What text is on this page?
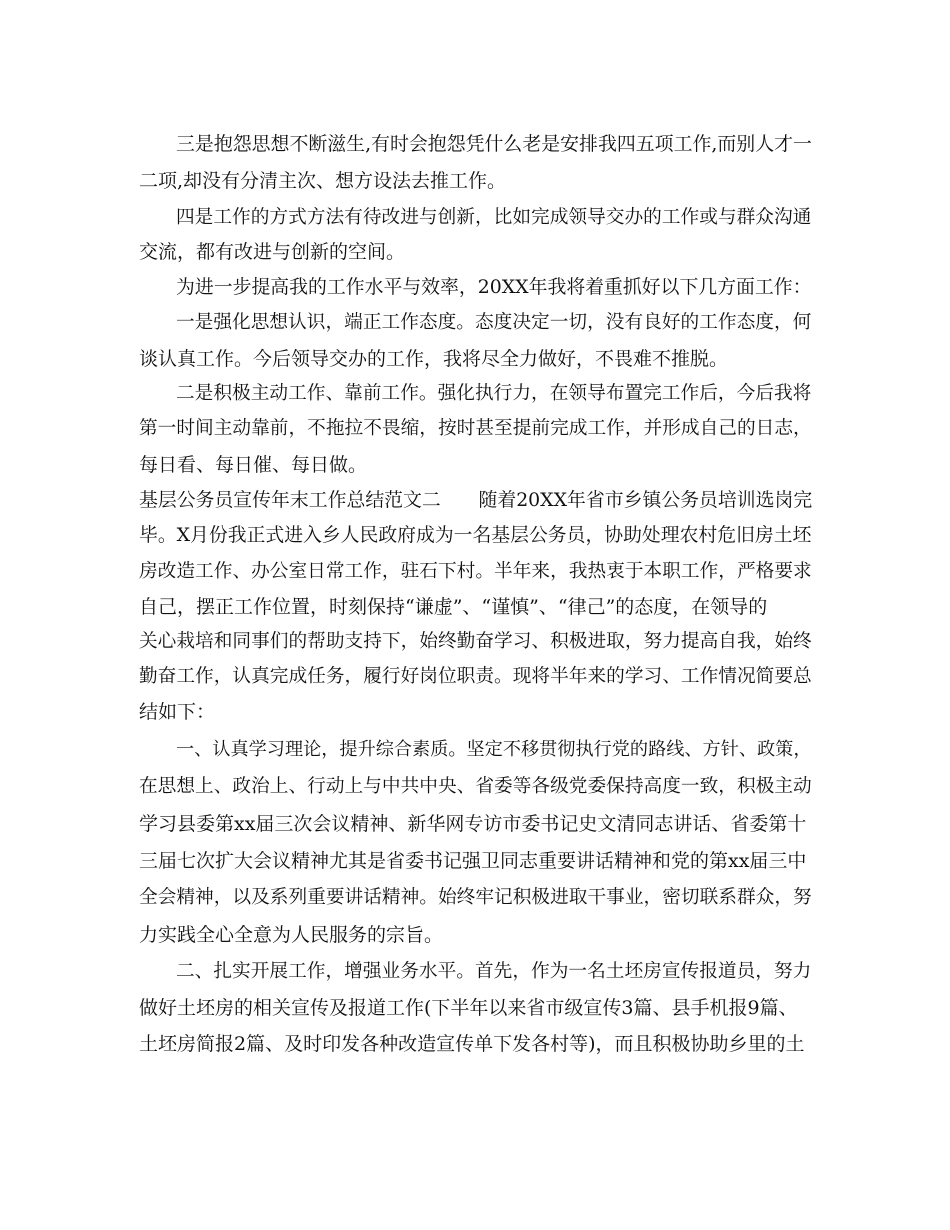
三是抱怨思想不断滋生,有时会抱怨凭什么老是安排我四五项工作,而别人才一
二项,却没有分清主次、想方设法去推工作。
四是工作的方式方法有待改进与创新，比如完成领导交办的工作或与群众沟通
交流，都有改进与创新的空间。
为进一步提高我的工作水平与效率，20XX年我将着重抓好以下几方面工作：
一是强化思想认识，端正工作态度。态度决定一切，没有良好的工作态度，何
谈认真工作。今后领导交办的工作，我将尽全力做好，不畏难不推脱。
二是积极主动工作、靠前工作。强化执行力，在领导布置完工作后，今后我将
第一时间主动靠前，不拖拉不畏缩，按时甚至提前完成工作，并形成自己的日志，
每日看、每日催、每日做。
基层公务员宣传年末工作总结范文二　　随着20XX年省市乡镇公务员培训选岗完
毕。X月份我正式进入乡人民政府成为一名基层公务员，协助处理农村危旧房土坯
房改造工作、办公室日常工作，驻石下村。半年来，我热衷于本职工作，严格要求
自己，摆正工作位置，时刻保持“谦虚”、“谨慎”、“律己”的态度，在领导的
关心栽培和同事们的帮助支持下，始终勤奋学习、积极进取，努力提高自我，始终
勤奋工作，认真完成任务，履行好岗位职责。现将半年来的学习、工作情况简要总
结如下：
一、认真学习理论，提升综合素质。坚定不移贯彻执行党的路线、方针、政策，
在思想上、政治上、行动上与中共中央、省委等各级党委保持高度一致，积极主动
学习县委第xx届三次会议精神、新华网专访市委书记史文清同志讲话、省委第十
三届七次扩大会议精神尤其是省委书记强卫同志重要讲话精神和党的第xx届三中
全会精神，以及系列重要讲话精神。始终牢记积极进取干事业，密切联系群众，努
力实践全心全意为人民服务的宗旨。
二、扎实开展工作，增强业务水平。首先，作为一名土坯房宣传报道员，努力
做好土坯房的相关宣传及报道工作(下半年以来省市级宣传3篇、县手机报9篇、
土坯房简报2篇、及时印发各种改造宣传单下发各村等)，而且积极协助乡里的土
